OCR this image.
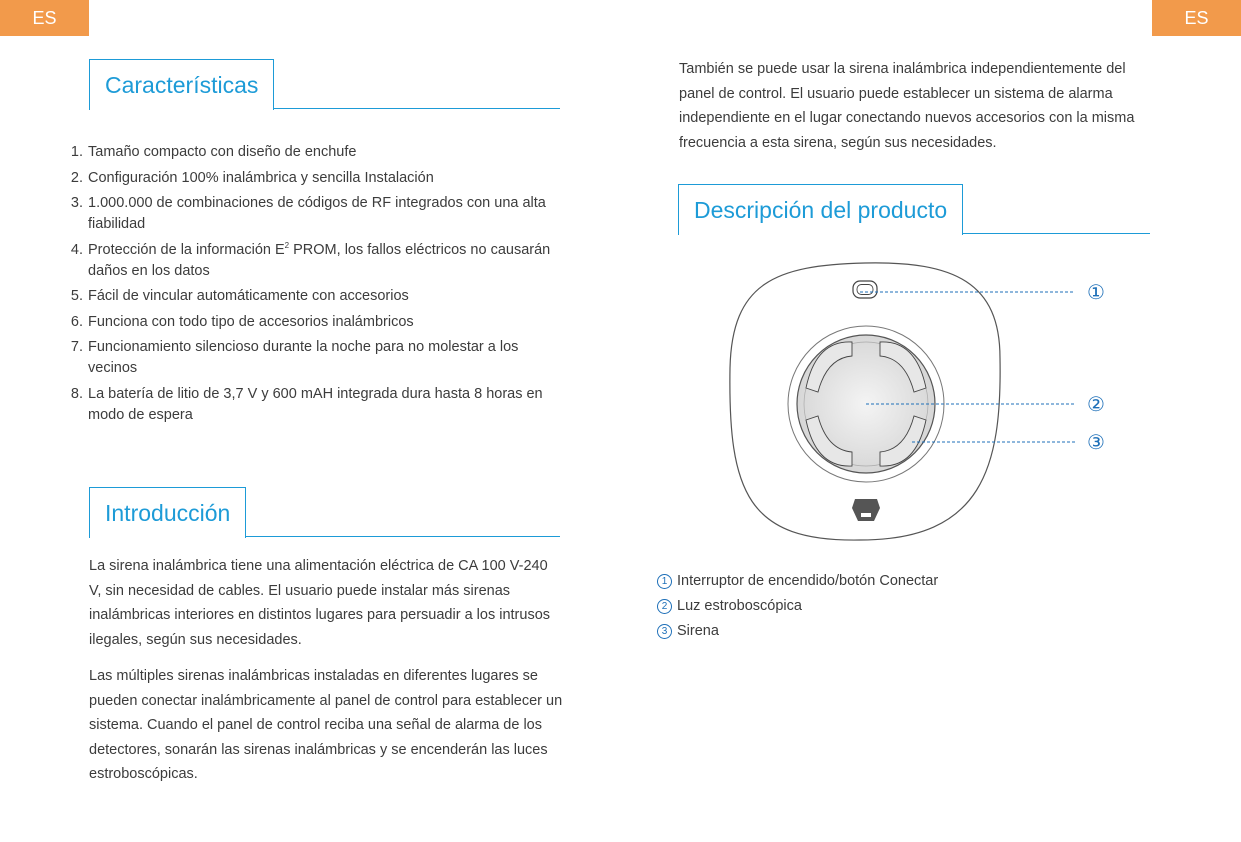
ES	ES
Características
1. Tamaño compacto con diseño de enchufe
2. Configuración 100% inalámbrica y sencilla Instalación
3. 1.000.000 de combinaciones de códigos de RF integrados con una alta fiabilidad
4. Protección de la información $E^2$ PROM, los fallos eléctricos no causarán daños en los datos
5. Fácil de vincular automáticamente con accesorios
6. Funciona con todo tipo de accesorios inalámbricos
7. Funcionamiento silencioso durante la noche para no molestar a los vecinos
8. La batería de litio de 3,7 V y 600 mAH integrada dura hasta 8 horas en modo de espera
Introducción

La sirena inalámbrica tiene una alimentación eléctrica de CA 100 V-240 V, sin necesidad de cables. El usuario puede instalar más sirenas inalámbricas interiores en distintos lugares para persuadir a los intrusos ilegales, según sus necesidades.

Las múltiples sirenas inalámbricas instaladas en diferentes lugares se pueden conectar inalámbricamente al panel de control para establecer un sistema. Cuando el panel de control reciba una señal de alarma de los detectores, sonarán las sirenas inalámbricas y se encenderán las luces estroboscópicas.

También se puede usar la sirena inalámbrica independientemente del panel de control. El usuario puede establecer un sistema de alarma independiente en el lugar conectando nuevos accesorios con la misma frecuencia a esta sirena, según sus necesidades.

Descripción del producto
①
②
③
1 Interruptor de encendido/botón Conectar
2 Luz estroboscópica
3 Sirena
